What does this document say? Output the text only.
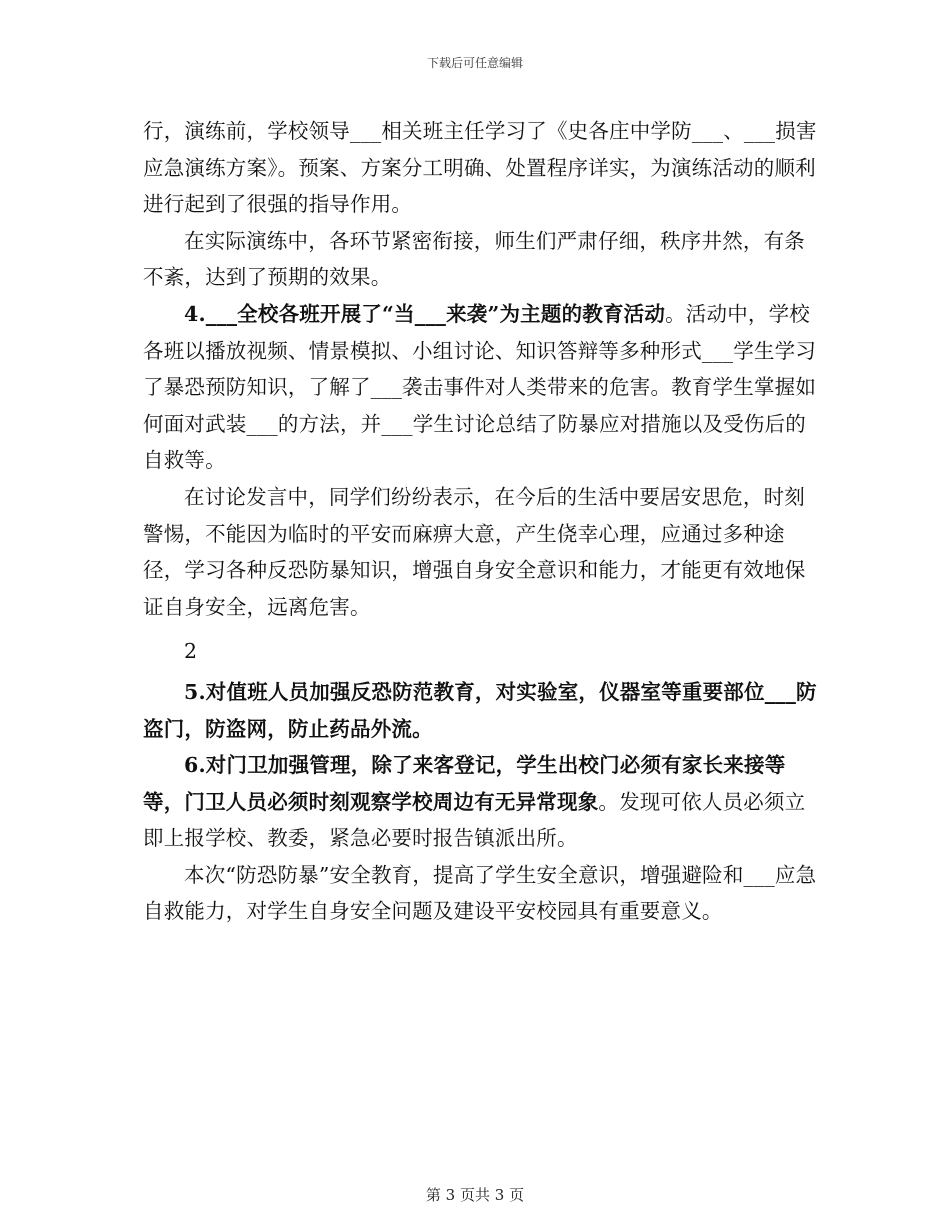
下载后可任意编辑

行，演练前，学校领导___相关班主任学习了《史各庄中学防___、___损害应急演练方案》。预案、方案分工明确、处置程序详实，为演练活动的顺利进行起到了很强的指导作用。

在实际演练中，各环节紧密衔接，师生们严肃仔细，秩序井然，有条不紊，达到了预期的效果。

4.___全校各班开展了“当___来袭”为主题的教育活动。活动中，学校各班以播放视频、情景模拟、小组讨论、知识答辩等多种形式___学生学习了暴恐预防知识，了解了___袭击事件对人类带来的危害。教育学生掌握如何面对武装___的方法，并___学生讨论总结了防暴应对措施以及受伤后的自救等。

在讨论发言中，同学们纷纷表示，在今后的生活中要居安思危，时刻警惕，不能因为临时的平安而麻痹大意，产生侥幸心理，应通过多种途径，学习各种反恐防暴知识，增强自身安全意识和能力，才能更有效地保证自身安全，远离危害。

2

5.对值班人员加强反恐防范教育，对实验室，仪器室等重要部位___防盗门，防盗网，防止药品外流。

6.对门卫加强管理，除了来客登记，学生出校门必须有家长来接等等，门卫人员必须时刻观察学校周边有无异常现象。发现可依人员必须立即上报学校、教委，紧急必要时报告镇派出所。

本次“防恐防暴”安全教育，提高了学生安全意识，增强避险和___应急自救能力，对学生自身安全问题及建设平安校园具有重要意义。

第 3 页共 3 页
